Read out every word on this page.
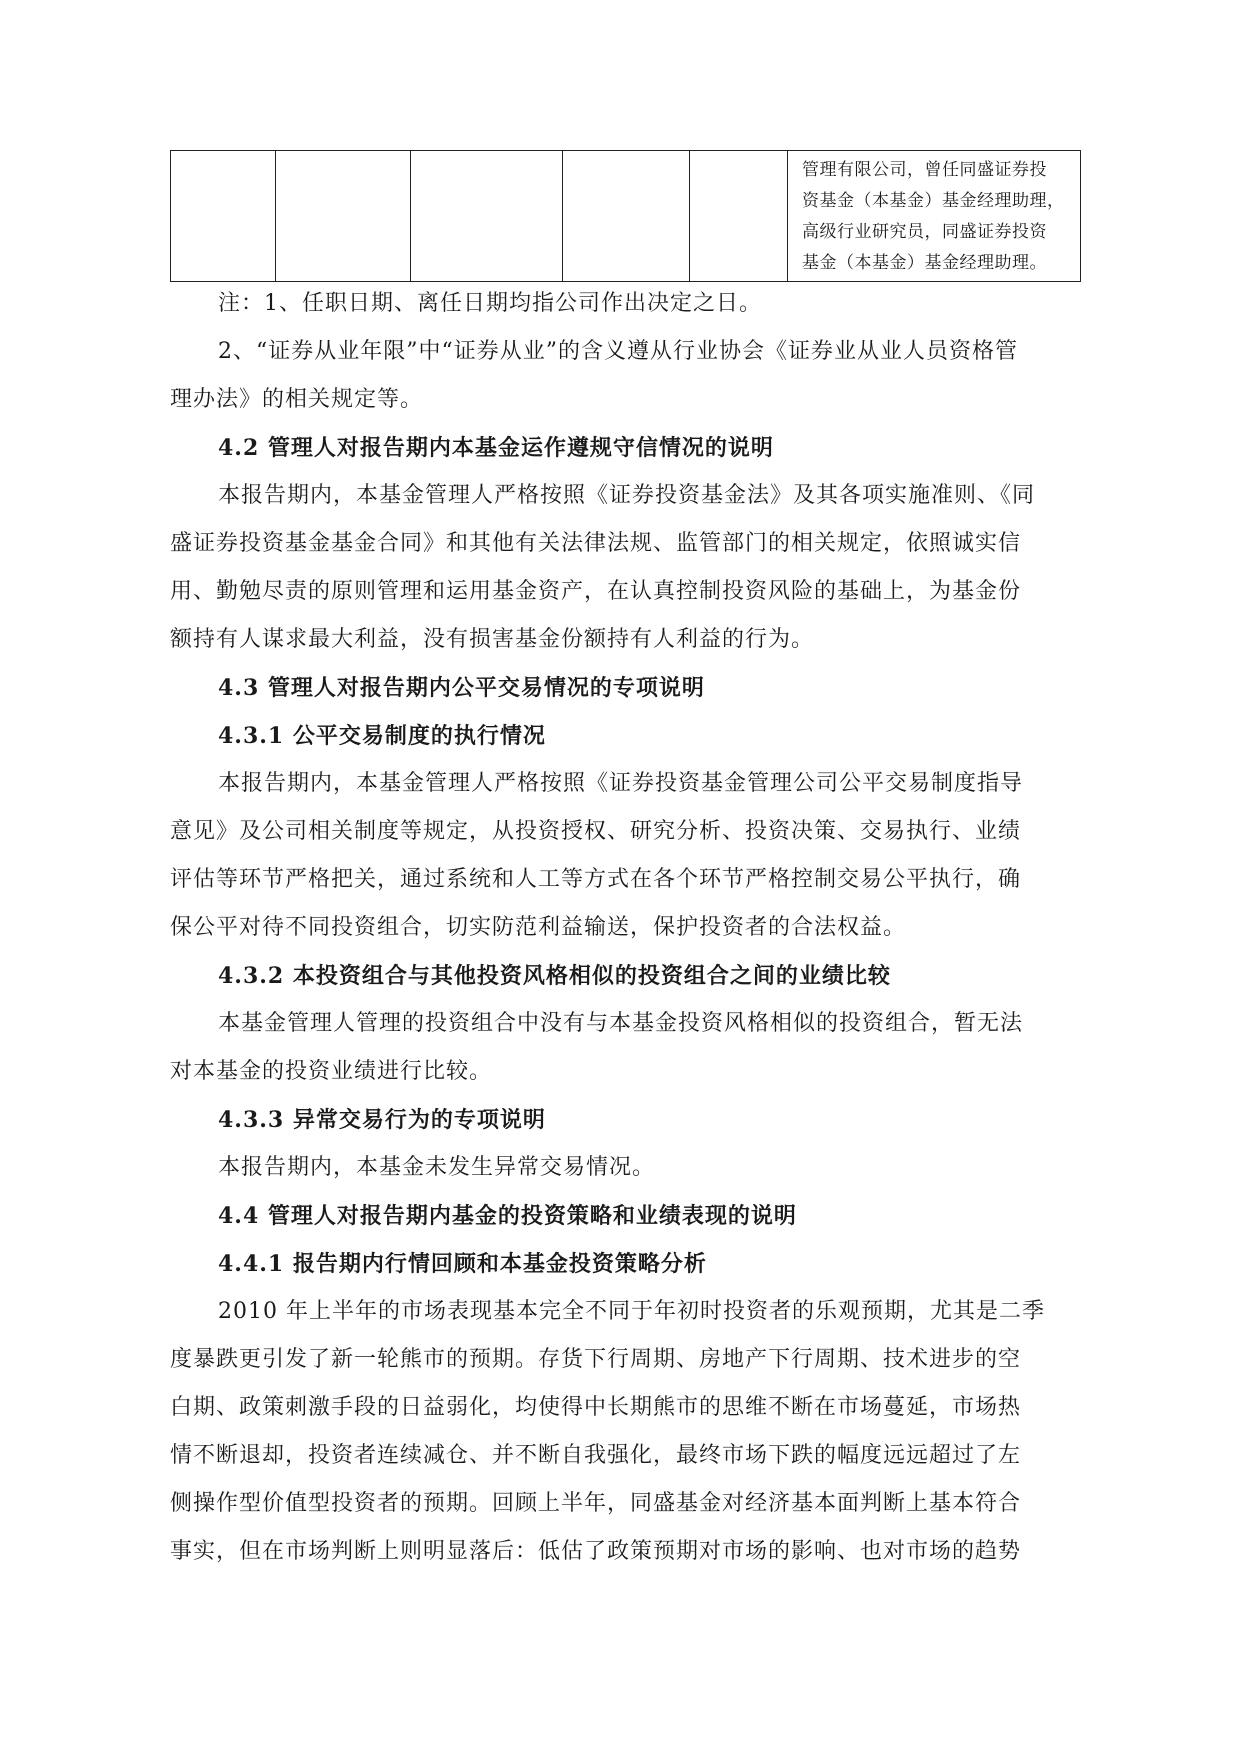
管理有限公司，曾任同盛证券投
资基金（本基金）基金经理助理，
高级行业研究员，同盛证券投资
基金（本基金）基金经理助理。

注：1、任职日期、离任日期均指公司作出决定之日。
2、“证券从业年限”中“证券从业”的含义遵从行业协会《证券业从业人员资格管
理办法》的相关规定等。

4.2 管理人对报告期内本基金运作遵规守信情况的说明

本报告期内，本基金管理人严格按照《证券投资基金法》及其各项实施准则、《同
盛证券投资基金基金合同》和其他有关法律法规、监管部门的相关规定，依照诚实信
用、勤勉尽责的原则管理和运用基金资产，在认真控制投资风险的基础上，为基金份
额持有人谋求最大利益，没有损害基金份额持有人利益的行为。

4.3 管理人对报告期内公平交易情况的专项说明

4.3.1 公平交易制度的执行情况

本报告期内，本基金管理人严格按照《证券投资基金管理公司公平交易制度指导
意见》及公司相关制度等规定，从投资授权、研究分析、投资决策、交易执行、业绩
评估等环节严格把关，通过系统和人工等方式在各个环节严格控制交易公平执行，确
保公平对待不同投资组合，切实防范利益输送，保护投资者的合法权益。

4.3.2 本投资组合与其他投资风格相似的投资组合之间的业绩比较

本基金管理人管理的投资组合中没有与本基金投资风格相似的投资组合，暂无法
对本基金的投资业绩进行比较。

4.3.3 异常交易行为的专项说明

本报告期内，本基金未发生异常交易情况。

4.4 管理人对报告期内基金的投资策略和业绩表现的说明

4.4.1 报告期内行情回顾和本基金投资策略分析

2010 年上半年的市场表现基本完全不同于年初时投资者的乐观预期，尤其是二季
度暴跌更引发了新一轮熊市的预期。存货下行周期、房地产下行周期、技术进步的空
白期、政策刺激手段的日益弱化，均使得中长期熊市的思维不断在市场蔓延，市场热
情不断退却，投资者连续减仓、并不断自我强化，最终市场下跌的幅度远远超过了左
侧操作型价值型投资者的预期。回顾上半年，同盛基金对经济基本面判断上基本符合
事实，但在市场判断上则明显落后：低估了政策预期对市场的影响、也对市场的趋势
